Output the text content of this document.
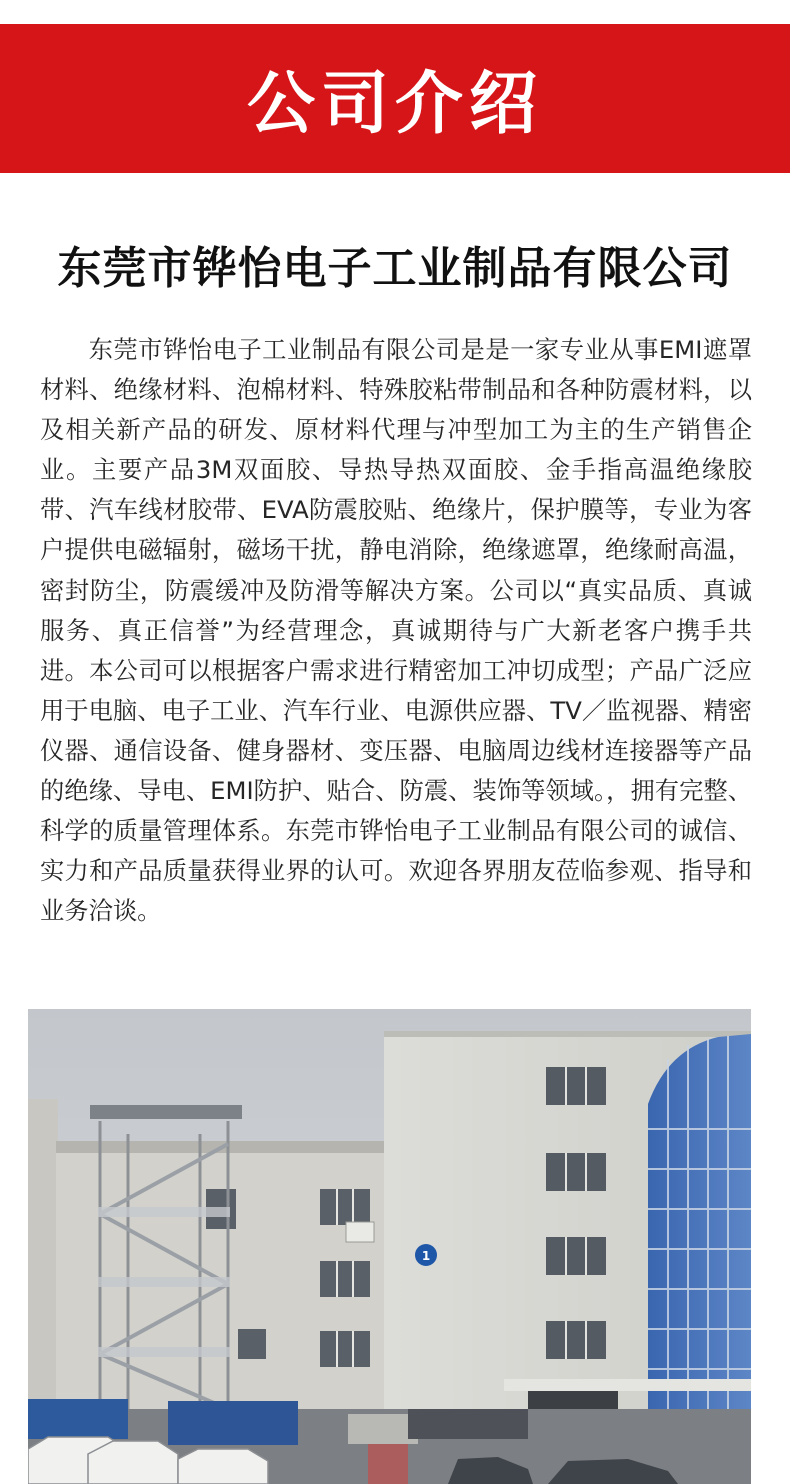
公司介绍
东莞市铧怡电子工业制品有限公司

东莞市铧怡电子工业制品有限公司是是一家专业从事EMI遮罩材料、绝缘材料、泡棉材料、特殊胶粘带制品和各种防震材料，以及相关新产品的研发、原材料代理与冲型加工为主的生产销售企业。主要产品3M双面胶、导热导热双面胶、金手指高温绝缘胶带、汽车线材胶带、EVA防震胶贴、绝缘片，保护膜等，专业为客户提供电磁辐射，磁场干扰，静电消除，绝缘遮罩，绝缘耐高温，密封防尘，防震缓冲及防滑等解决方案。公司以“真实品质、真诚服务、真正信誉”为经营理念，真诚期待与广大新老客户携手共进。本公司可以根据客户需求进行精密加工冲切成型；产品广泛应用于电脑、电子工业、汽车行业、电源供应器、TV／监视器、精密仪器、通信设备、健身器材、变压器、电脑周边线材连接器等产品的绝缘、导电、EMI防护、贴合、防震、装饰等领域。，拥有完整、科学的质量管理体系。东莞市铧怡电子工业制品有限公司的诚信、实力和产品质量获得业界的认可。欢迎各界朋友莅临参观、指导和业务洽谈。

1
